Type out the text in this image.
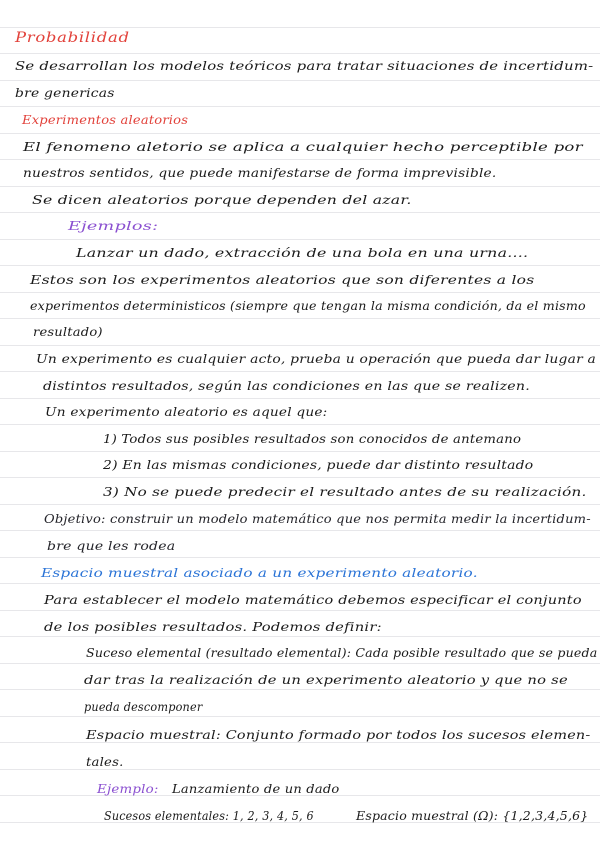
Probabilidad
Se desarrollan los modelos teóricos para tratar situaciones de incertidum-
bre genericas
Experimentos aleatorios
El fenomeno aletorio se aplica a cualquier hecho perceptible por
nuestros sentidos, que puede manifestarse de forma imprevisible.
Se dicen aleatorios porque dependen del azar.
Ejemplos:
Lanzar un dado, extracción de una bola en una urna....
Estos son los experimentos aleatorios que son diferentes a los
experimentos deterministicos (siempre que tengan la misma condición, da el mismo
resultado)
Un experimento es cualquier acto, prueba u operación que pueda dar lugar a
distintos resultados, según las condiciones en las que se realizen.
Un experimento aleatorio es aquel que:
1) Todos sus posibles resultados son conocidos de antemano
2) En las mismas condiciones, puede dar distinto resultado
3) No se puede predecir el resultado antes de su realización.
Objetivo: construir un modelo matemático que nos permita medir la incertidum-
bre que les rodea
Espacio muestral asociado a un experimento aleatorio.
Para establecer el modelo matemático debemos especificar el conjunto
de los posibles resultados. Podemos definir:
Suceso elemental (resultado elemental): Cada posible resultado que se pueda
dar tras la realización de un experimento aleatorio y que no se
pueda descomponer
Espacio muestral: Conjunto formado por todos los sucesos elemen-
tales.
Ejemplo: Lanzamiento de un dado
Sucesos elementales: 1, 2, 3, 4, 5, 6	Espacio muestral (Ω): {1,2,3,4,5,6}
